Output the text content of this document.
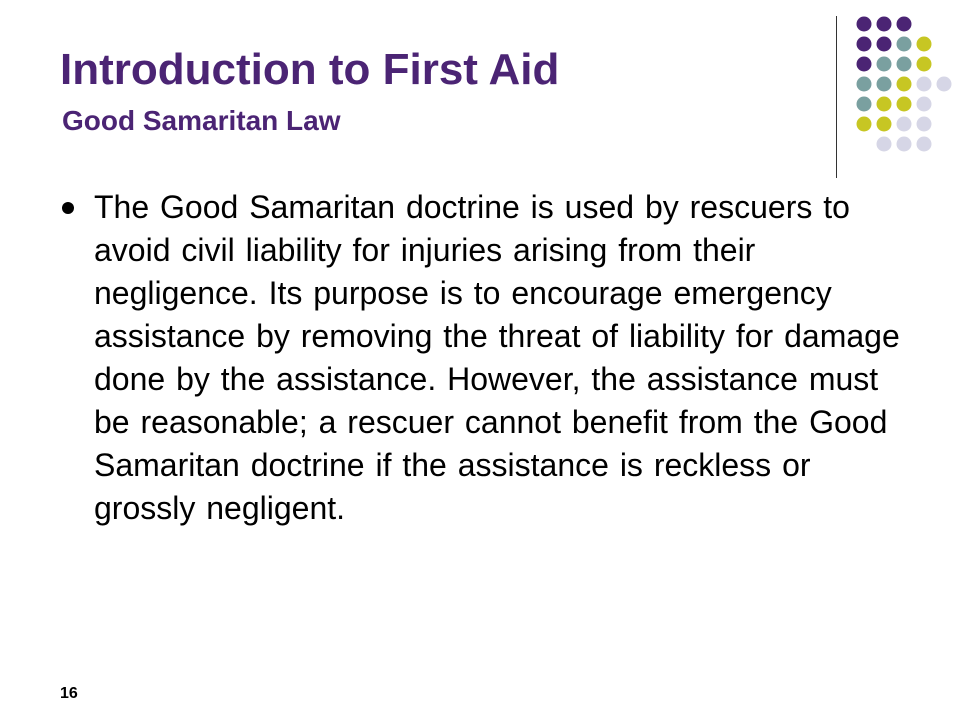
Introduction to First Aid
Good Samaritan Law
The Good Samaritan doctrine is used by rescuers to avoid civil liability for injuries arising from their negligence. Its purpose is to encourage emergency assistance by removing the threat of liability for damage done by the assistance. However, the assistance must be reasonable; a rescuer cannot benefit from the Good Samaritan doctrine if the assistance is reckless or grossly negligent.
16
